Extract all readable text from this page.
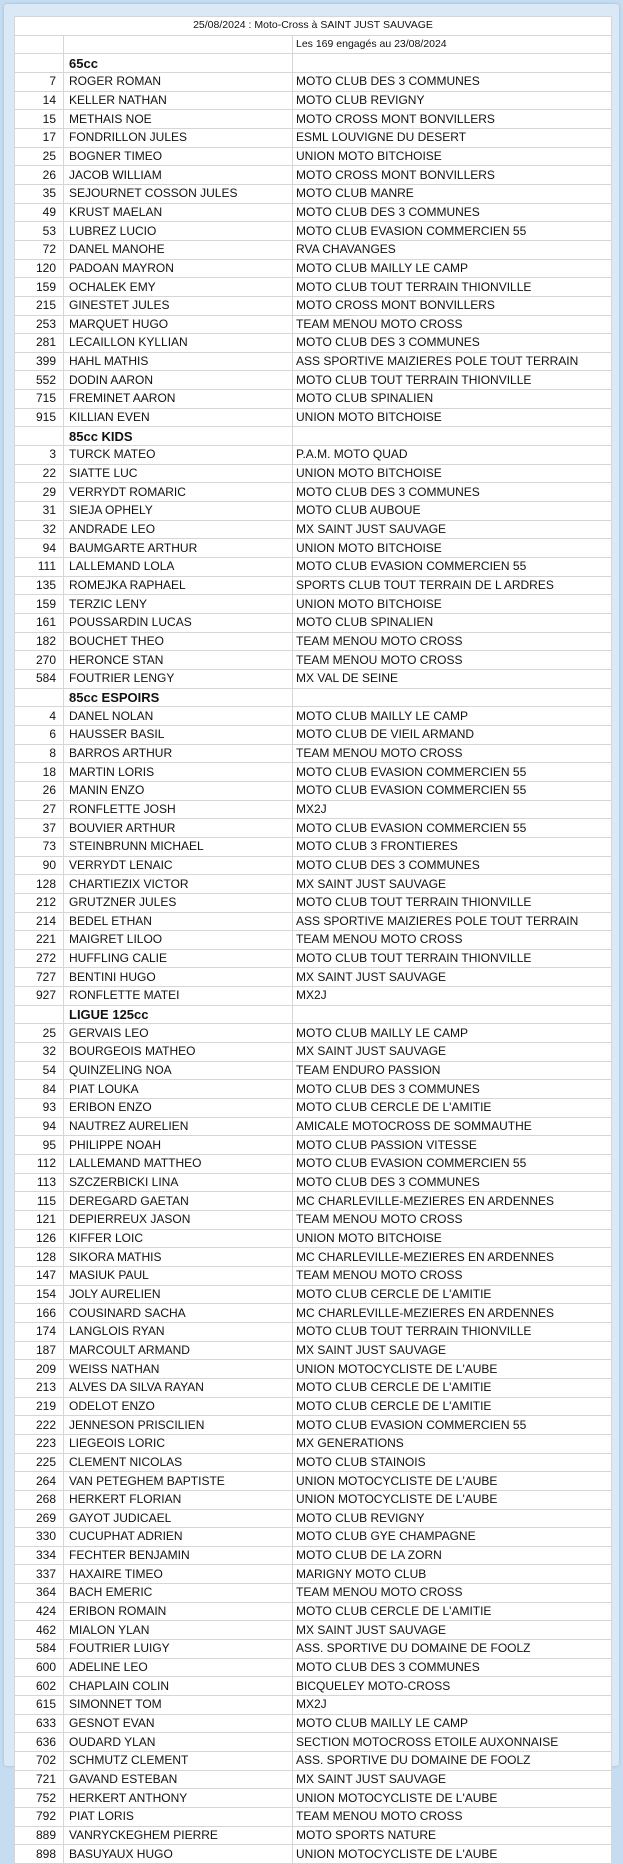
25/08/2024 : Moto-Cross à SAINT JUST SAUVAGE		
		Les 169 engagés au 23/08/2024
	65cc	
7	ROGER ROMAN	MOTO CLUB DES 3 COMMUNES
14	KELLER NATHAN	MOTO CLUB REVIGNY
15	METHAIS NOE	MOTO CROSS MONT BONVILLERS
17	FONDRILLON JULES	ESML LOUVIGNE DU DESERT
25	BOGNER TIMEO	UNION MOTO BITCHOISE
26	JACOB WILLIAM	MOTO CROSS MONT BONVILLERS
35	SEJOURNET COSSON JULES	MOTO CLUB MANRE
49	KRUST MAELAN	MOTO CLUB DES 3 COMMUNES
53	LUBREZ LUCIO	MOTO CLUB EVASION COMMERCIEN 55
72	DANEL MANOHE	RVA CHAVANGES
120	PADOAN MAYRON	MOTO CLUB MAILLY LE CAMP
159	OCHALEK EMY	MOTO CLUB TOUT TERRAIN THIONVILLE
215	GINESTET JULES	MOTO CROSS MONT BONVILLERS
253	MARQUET HUGO	TEAM MENOU MOTO CROSS
281	LECAILLON KYLLIAN	MOTO CLUB DES 3 COMMUNES
399	HAHL MATHIS	ASS SPORTIVE MAIZIERES POLE TOUT TERRAIN
552	DODIN AARON	MOTO CLUB TOUT TERRAIN THIONVILLE
715	FREMINET AARON	MOTO CLUB SPINALIEN
915	KILLIAN EVEN	UNION MOTO BITCHOISE
	85cc KIDS	
3	TURCK MATEO	P.A.M. MOTO QUAD
22	SIATTE LUC	UNION MOTO BITCHOISE
29	VERRYDT ROMARIC	MOTO CLUB DES 3 COMMUNES
31	SIEJA OPHELY	MOTO CLUB AUBOUE
32	ANDRADE LEO	MX SAINT JUST SAUVAGE
94	BAUMGARTE ARTHUR	UNION MOTO BITCHOISE
111	LALLEMAND LOLA	MOTO CLUB EVASION COMMERCIEN 55
135	ROMEJKA RAPHAEL	SPORTS CLUB TOUT TERRAIN DE L ARDRES
159	TERZIC LENY	UNION MOTO BITCHOISE
161	POUSSARDIN LUCAS	MOTO CLUB SPINALIEN
182	BOUCHET THEO	TEAM MENOU MOTO CROSS
270	HERONCE STAN	TEAM MENOU MOTO CROSS
584	FOUTRIER LENGY	MX VAL DE SEINE
	85cc ESPOIRS	
4	DANEL NOLAN	MOTO CLUB MAILLY LE CAMP
6	HAUSSER BASIL	MOTO CLUB DE VIEIL ARMAND
8	BARROS ARTHUR	TEAM MENOU MOTO CROSS
18	MARTIN LORIS	MOTO CLUB EVASION COMMERCIEN 55
26	MANIN ENZO	MOTO CLUB EVASION COMMERCIEN 55
27	RONFLETTE JOSH	MX2J
37	BOUVIER ARTHUR	MOTO CLUB EVASION COMMERCIEN 55
73	STEINBRUNN MICHAEL	MOTO CLUB 3 FRONTIERES
90	VERRYDT LENAIC	MOTO CLUB DES 3 COMMUNES
128	CHARTIEZIX VICTOR	MX SAINT JUST SAUVAGE
212	GRUTZNER JULES	MOTO CLUB TOUT TERRAIN THIONVILLE
214	BEDEL ETHAN	ASS SPORTIVE MAIZIERES POLE TOUT TERRAIN
221	MAIGRET LILOO	TEAM MENOU MOTO CROSS
272	HUFFLING CALIE	MOTO CLUB TOUT TERRAIN THIONVILLE
727	BENTINI HUGO	MX SAINT JUST SAUVAGE
927	RONFLETTE MATEI	MX2J
	LIGUE 125cc	
25	GERVAIS LEO	MOTO CLUB MAILLY LE CAMP
32	BOURGEOIS MATHEO	MX SAINT JUST SAUVAGE
54	QUINZELING NOA	TEAM ENDURO PASSION
84	PIAT LOUKA	MOTO CLUB DES 3 COMMUNES
93	ERIBON ENZO	MOTO CLUB CERCLE DE L'AMITIE
94	NAUTREZ AURELIEN	AMICALE MOTOCROSS DE SOMMAUTHE
95	PHILIPPE NOAH	MOTO CLUB PASSION VITESSE
112	LALLEMAND MATTHEO	MOTO CLUB EVASION COMMERCIEN 55
113	SZCZERBICKI LINA	MOTO CLUB DES 3 COMMUNES
115	DEREGARD GAETAN	MC CHARLEVILLE-MEZIERES EN ARDENNES
121	DEPIERREUX JASON	TEAM MENOU MOTO CROSS
126	KIFFER LOIC	UNION MOTO BITCHOISE
128	SIKORA MATHIS	MC CHARLEVILLE-MEZIERES EN ARDENNES
147	MASIUK PAUL	TEAM MENOU MOTO CROSS
154	JOLY AURELIEN	MOTO CLUB CERCLE DE L'AMITIE
166	COUSINARD SACHA	MC CHARLEVILLE-MEZIERES EN ARDENNES
174	LANGLOIS RYAN	MOTO CLUB TOUT TERRAIN THIONVILLE
187	MARCOULT ARMAND	MX SAINT JUST SAUVAGE
209	WEISS NATHAN	UNION MOTOCYCLISTE DE L'AUBE
213	ALVES DA SILVA RAYAN	MOTO CLUB CERCLE DE L'AMITIE
219	ODELOT ENZO	MOTO CLUB CERCLE DE L'AMITIE
222	JENNESON PRISCILIEN	MOTO CLUB EVASION COMMERCIEN 55
223	LIEGEOIS LORIC	MX GENERATIONS
225	CLEMENT NICOLAS	MOTO CLUB STAINOIS
264	VAN PETEGHEM BAPTISTE	UNION MOTOCYCLISTE DE L'AUBE
268	HERKERT FLORIAN	UNION MOTOCYCLISTE DE L'AUBE
269	GAYOT JUDICAEL	MOTO CLUB REVIGNY
330	CUCUPHAT ADRIEN	MOTO CLUB GYE CHAMPAGNE
334	FECHTER BENJAMIN	MOTO CLUB DE LA ZORN
337	HAXAIRE TIMEO	MARIGNY MOTO CLUB
364	BACH EMERIC	TEAM MENOU MOTO CROSS
424	ERIBON ROMAIN	MOTO CLUB CERCLE DE L'AMITIE
462	MIALON YLAN	MX SAINT JUST SAUVAGE
584	FOUTRIER LUIGY	ASS. SPORTIVE DU DOMAINE DE FOOLZ
600	ADELINE LEO	MOTO CLUB DES 3 COMMUNES
602	CHAPLAIN COLIN	BICQUELEY MOTO-CROSS
615	SIMONNET TOM	MX2J
633	GESNOT EVAN	MOTO CLUB MAILLY LE CAMP
636	OUDARD YLAN	SECTION MOTOCROSS ETOILE AUXONNAISE
702	SCHMUTZ CLEMENT	ASS. SPORTIVE DU DOMAINE DE FOOLZ
721	GAVAND ESTEBAN	MX SAINT JUST SAUVAGE
752	HERKERT ANTHONY	UNION MOTOCYCLISTE DE L'AUBE
792	PIAT LORIS	TEAM MENOU MOTO CROSS
889	VANRYCKEGHEM PIERRE	MOTO SPORTS NATURE
898	BASUYAUX HUGO	UNION MOTOCYCLISTE DE L'AUBE
